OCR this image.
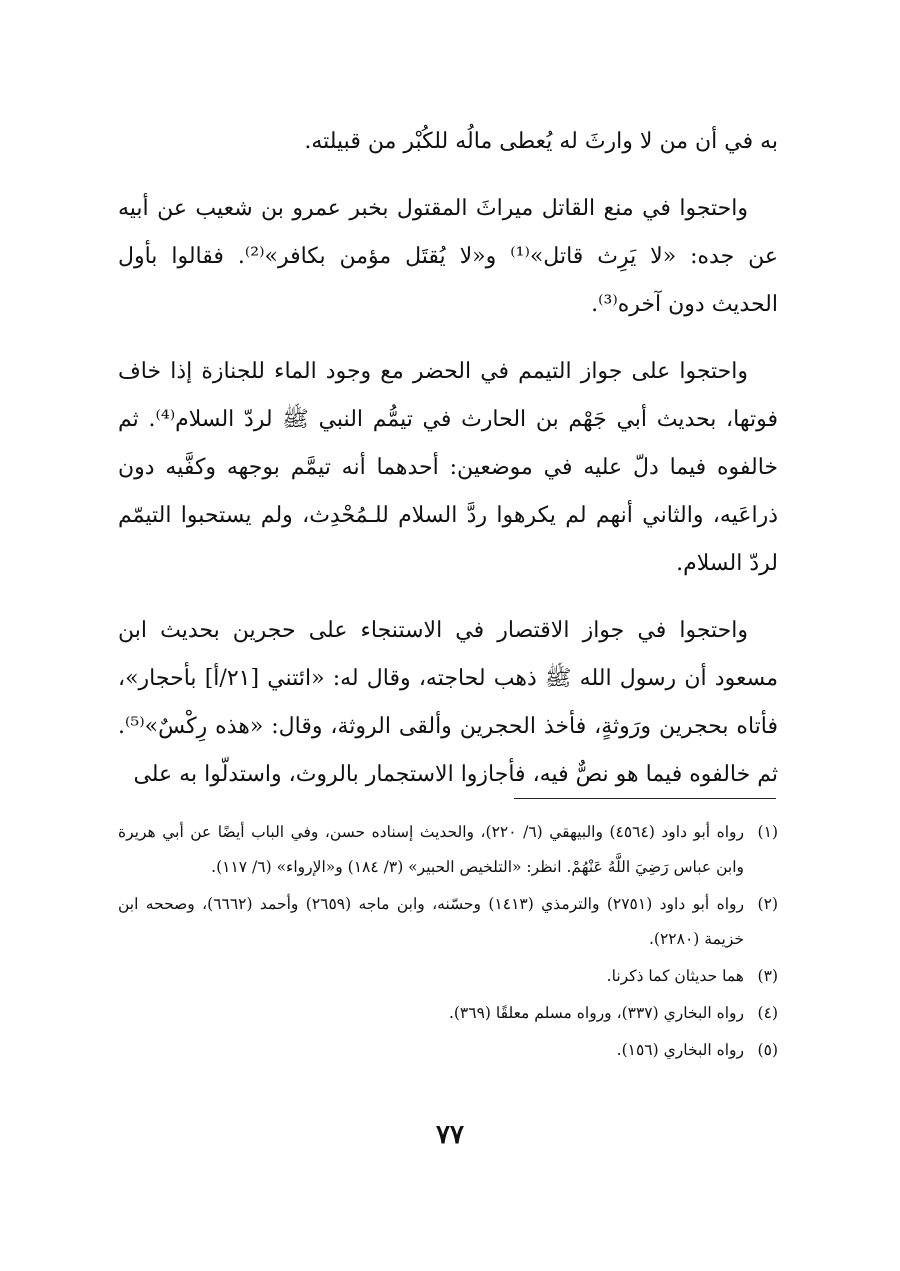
به في أن من لا وارثَ له يُعطى مالُه للكُبْر من قبيلته.

واحتجوا في منع القاتل ميراثَ المقتول بخبر عمرو بن شعيب عن أبيه عن جده: «لا يَرِث قاتل»⁽¹⁾ و«لا يُقتَل مؤمن بكافر»⁽²⁾. فقالوا بأول الحديث دون آخره⁽³⁾.

واحتجوا على جواز التيمم في الحضر مع وجود الماء للجنازة إذا خاف فوتها، بحديث أبي جَهْم بن الحارث في تيمُّم النبي ﷺ لردّ السلام⁽⁴⁾. ثم خالفوه فيما دلّ عليه في موضعين: أحدهما أنه تيمَّم بوجهه وكفَّيه دون ذراعَيه، والثاني أنهم لم يكرهوا ردَّ السلام للـمُحْدِث، ولم يستحبوا التيمّم لردّ السلام.

واحتجوا في جواز الاقتصار في الاستنجاء على حجرين بحديث ابن مسعود أن رسول الله ﷺ ذهب لحاجته، وقال له: «ائتني [٢١/أ] بأحجار»، فأتاه بحجرين ورَوثةٍ، فأخذ الحجرين وألقى الروثة، وقال: «هذه رِكْسٌ»⁽⁵⁾. ثم خالفوه فيما هو نصٌّ فيه، فأجازوا الاستجمار بالروث، واستدلّوا به على

(١)
رواه أبو داود (٤٥٦٤) والبيهقي (٦/ ٢٢٠)، والحديث إسناده حسن، وفي الباب أيضًا عن أبي هريرة وابن عباس رَضِيَ اللَّهُ عَنْهُمْ. انظر: «التلخيص الحبير» (٣/ ١٨٤) و«الإرواء» (٦/ ١١٧).
(٢)
رواه أبو داود (٢٧٥١) والترمذي (١٤١٣) وحسّنه، وابن ماجه (٢٦٥٩) وأحمد (٦٦٦٢)، وصححه ابن خزيمة (٢٢٨٠).
(٣)
هما حديثان كما ذكرنا.
(٤)
رواه البخاري (٣٣٧)، ورواه مسلم معلقًا (٣٦٩).
(٥)
رواه البخاري (١٥٦).
٧٧
